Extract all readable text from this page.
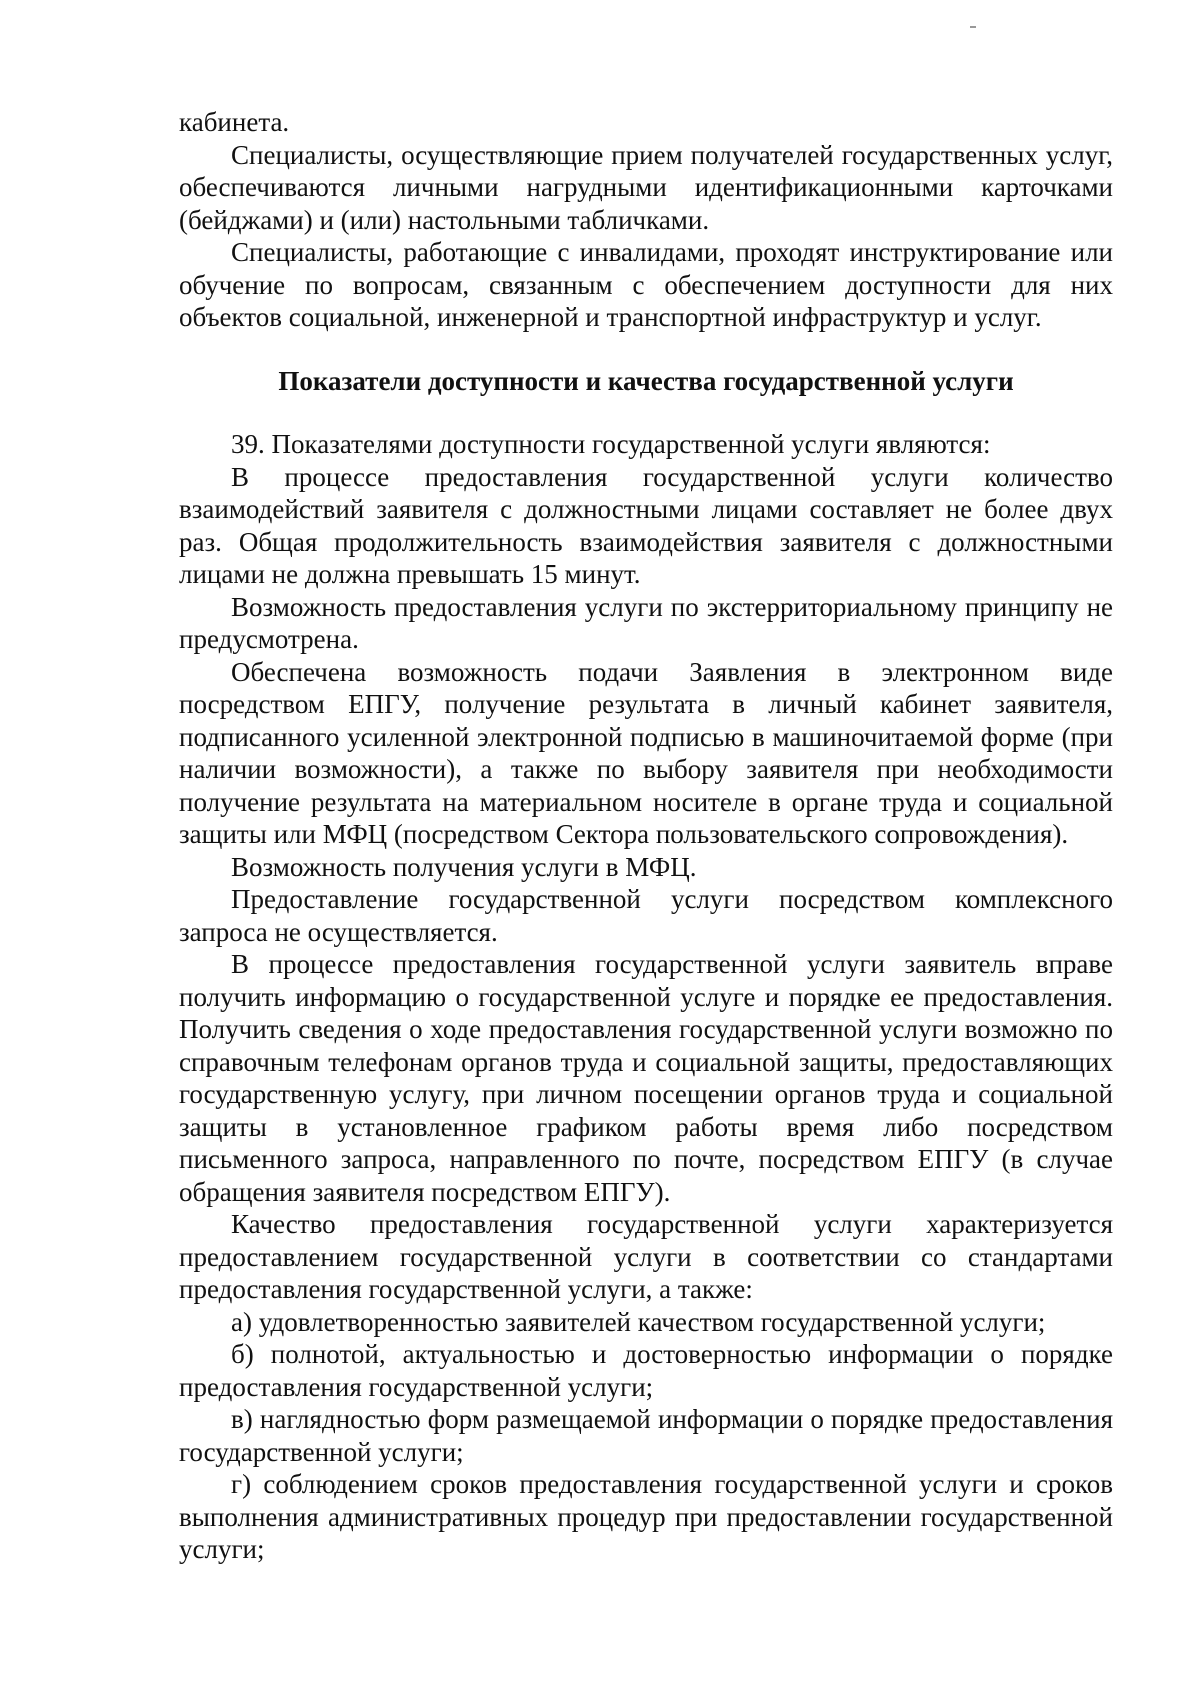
кабинета.

Специалисты, осуществляющие прием получателей государственных услуг, обеспечиваются личными нагрудными идентификационными карточками (бейджами) и (или) настольными табличками.

Специалисты, работающие с инвалидами, проходят инструктирование или обучение по вопросам, связанным с обеспечением доступности для них объектов социальной, инженерной и транспортной инфраструктур и услуг.

Показатели доступности и качества государственной услуги

39. Показателями доступности государственной услуги являются:

В процессе предоставления государственной услуги количество взаимодействий заявителя с должностными лицами составляет не более двух раз. Общая продолжительность взаимодействия заявителя с должностными лицами не должна превышать 15 минут.

Возможность предоставления услуги по экстерриториальному принципу не предусмотрена.

Обеспечена возможность подачи Заявления в электронном виде посредством ЕПГУ, получение результата в личный кабинет заявителя, подписанного усиленной электронной подписью в машиночитаемой форме (при наличии возможности), а также по выбору заявителя при необходимости получение результата на материальном носителе в органе труда и социальной защиты или МФЦ (посредством Сектора пользовательского сопровождения).

Возможность получения услуги в МФЦ.

Предоставление государственной услуги посредством комплексного запроса не осуществляется.

В процессе предоставления государственной услуги заявитель вправе получить информацию о государственной услуге и порядке ее предоставления. Получить сведения о ходе предоставления государственной услуги возможно по справочным телефонам органов труда и социальной защиты, предоставляющих государственную услугу, при личном посещении органов труда и социальной защиты в установленное графиком работы время либо посредством письменного запроса, направленного по почте, посредством ЕПГУ (в случае обращения заявителя посредством ЕПГУ).

Качество предоставления государственной услуги характеризуется предоставлением государственной услуги в соответствии со стандартами предоставления государственной услуги, а также:

а) удовлетворенностью заявителей качеством государственной услуги;

б) полнотой, актуальностью и достоверностью информации о порядке предоставления государственной услуги;

в) наглядностью форм размещаемой информации о порядке предоставления государственной услуги;

г) соблюдением сроков предоставления государственной услуги и сроков выполнения административных процедур при предоставлении государственной услуги;
